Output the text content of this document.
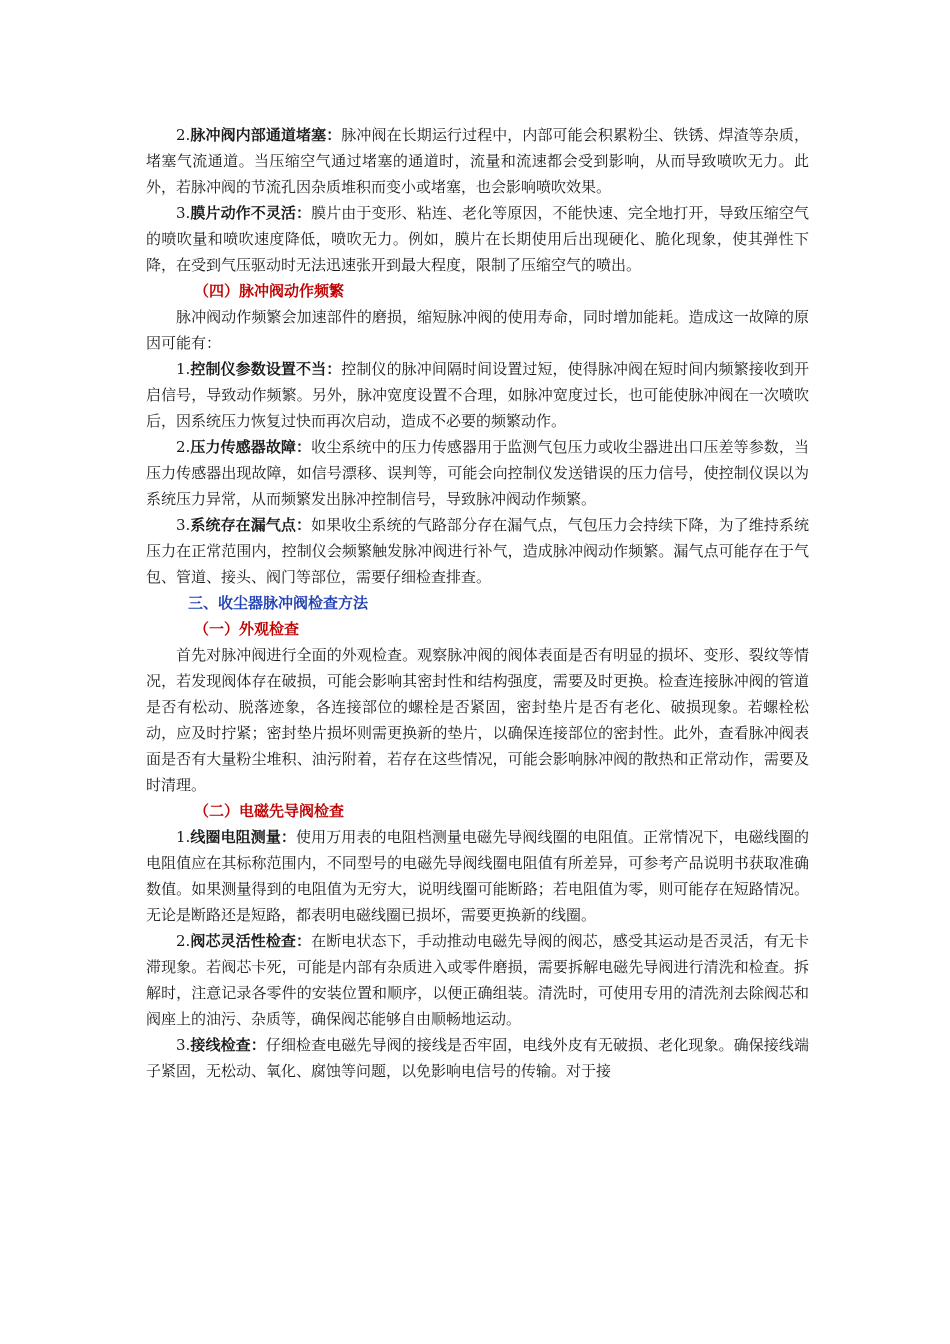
2.脉冲阀内部通道堵塞：脉冲阀在长期运行过程中，内部可能会积累粉尘、铁锈、焊渣等杂质，堵塞气流通道。当压缩空气通过堵塞的通道时，流量和流速都会受到影响，从而导致喷吹无力。此外，若脉冲阀的节流孔因杂质堆积而变小或堵塞，也会影响喷吹效果。

3.膜片动作不灵活：膜片由于变形、粘连、老化等原因，不能快速、完全地打开，导致压缩空气的喷吹量和喷吹速度降低，喷吹无力。例如，膜片在长期使用后出现硬化、脆化现象，使其弹性下降，在受到气压驱动时无法迅速张开到最大程度，限制了压缩空气的喷出。

（四）脉冲阀动作频繁

脉冲阀动作频繁会加速部件的磨损，缩短脉冲阀的使用寿命，同时增加能耗。造成这一故障的原因可能有：

1.控制仪参数设置不当：控制仪的脉冲间隔时间设置过短，使得脉冲阀在短时间内频繁接收到开启信号，导致动作频繁。另外，脉冲宽度设置不合理，如脉冲宽度过长，也可能使脉冲阀在一次喷吹后，因系统压力恢复过快而再次启动，造成不必要的频繁动作。

2.压力传感器故障：收尘系统中的压力传感器用于监测气包压力或收尘器进出口压差等参数，当压力传感器出现故障，如信号漂移、误判等，可能会向控制仪发送错误的压力信号，使控制仪误以为系统压力异常，从而频繁发出脉冲控制信号，导致脉冲阀动作频繁。

3.系统存在漏气点：如果收尘系统的气路部分存在漏气点，气包压力会持续下降，为了维持系统压力在正常范围内，控制仪会频繁触发脉冲阀进行补气，造成脉冲阀动作频繁。漏气点可能存在于气包、管道、接头、阀门等部位，需要仔细检查排查。

三、收尘器脉冲阀检查方法
（一）外观检查

首先对脉冲阀进行全面的外观检查。观察脉冲阀的阀体表面是否有明显的损坏、变形、裂纹等情况，若发现阀体存在破损，可能会影响其密封性和结构强度，需要及时更换。检查连接脉冲阀的管道是否有松动、脱落迹象，各连接部位的螺栓是否紧固，密封垫片是否有老化、破损现象。若螺栓松动，应及时拧紧；密封垫片损坏则需更换新的垫片，以确保连接部位的密封性。此外，查看脉冲阀表面是否有大量粉尘堆积、油污附着，若存在这些情况，可能会影响脉冲阀的散热和正常动作，需要及时清理。

（二）电磁先导阀检查

1.线圈电阻测量：使用万用表的电阻档测量电磁先导阀线圈的电阻值。正常情况下，电磁线圈的电阻值应在其标称范围内，不同型号的电磁先导阀线圈电阻值有所差异，可参考产品说明书获取准确数值。如果测量得到的电阻值为无穷大，说明线圈可能断路；若电阻值为零，则可能存在短路情况。无论是断路还是短路，都表明电磁线圈已损坏，需要更换新的线圈。

2.阀芯灵活性检查：在断电状态下，手动推动电磁先导阀的阀芯，感受其运动是否灵活，有无卡滞现象。若阀芯卡死，可能是内部有杂质进入或零件磨损，需要拆解电磁先导阀进行清洗和检查。拆解时，注意记录各零件的安装位置和顺序，以便正确组装。清洗时，可使用专用的清洗剂去除阀芯和阀座上的油污、杂质等，确保阀芯能够自由顺畅地运动。

3.接线检查：仔细检查电磁先导阀的接线是否牢固，电线外皮有无破损、老化现象。确保接线端子紧固，无松动、氧化、腐蚀等问题，以免影响电信号的传输。对于接
